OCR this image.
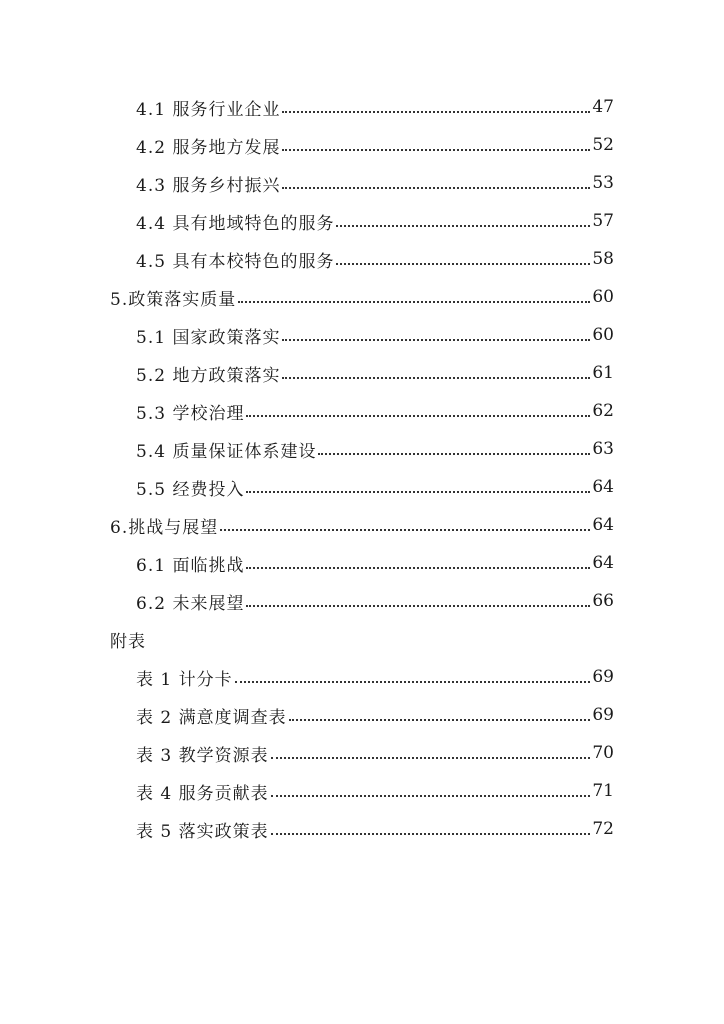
4.1 服务行业企业	47
4.2 服务地方发展	52
4.3 服务乡村振兴	53
4.4 具有地域特色的服务	57
4.5 具有本校特色的服务	58
5.政策落实质量	60
5.1 国家政策落实	60
5.2 地方政策落实	61
5.3 学校治理	62
5.4 质量保证体系建设	63
5.5 经费投入	64
6.挑战与展望	64
6.1 面临挑战	64
6.2 未来展望	66
附表
表 1 计分卡	69
表 2 满意度调查表	69
表 3 教学资源表	70
表 4 服务贡献表	71
表 5 落实政策表	72
